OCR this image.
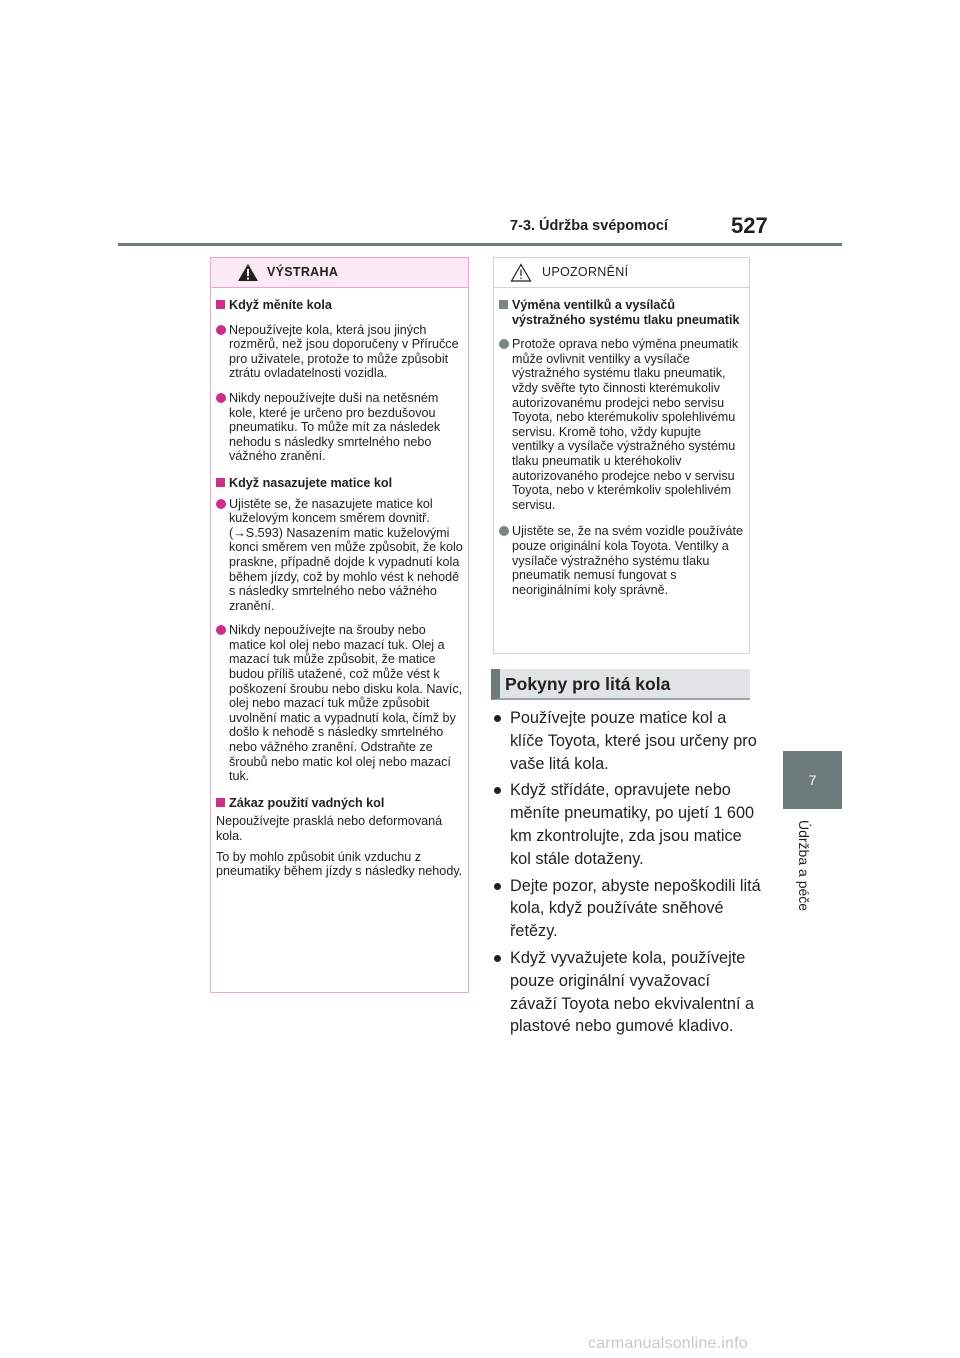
7-3. Údržba svépomocí	527
7
Údržba a péče
VÝSTRAHA
Když měníte kola
Nepoužívejte kola, která jsou jiných rozměrů, než jsou doporučeny v Příručce pro uživatele, protože to může způsobit ztrátu ovladatelnosti vozidla.
Nikdy nepoužívejte duši na netěsném kole, které je určeno pro bezdušovou pneumatiku. To může mít za následek nehodu s následky smrtelného nebo vážného zranění.
Když nasazujete matice kol
Ujistěte se, že nasazujete matice kol kuželovým koncem směrem dovnitř. (→S.593) Nasazením matic kuželovými konci směrem ven může způsobit, že kolo praskne, případně dojde k vypadnutí kola během jízdy, což by mohlo vést k nehodě s následky smrtelného nebo vážného zranění.
Nikdy nepoužívejte na šrouby nebo matice kol olej nebo mazací tuk. Olej a mazací tuk může způsobit, že matice budou příliš utažené, což může vést k poškození šroubu nebo disku kola. Navíc, olej nebo mazací tuk může způsobit uvolnění matic a vypadnutí kola, čímž by došlo k nehodě s následky smrtelného nebo vážného zranění. Odstraňte ze šroubů nebo matic kol olej nebo mazací tuk.
Zákaz použití vadných kol
Nepoužívejte prasklá nebo deformovaná kola.
To by mohlo způsobit únik vzduchu z pneumatiky během jízdy s následky nehody.
UPOZORNĚNÍ
Výměna ventilků a vysílačů výstražného systému tlaku pneumatik
Protože oprava nebo výměna pneumatik může ovlivnit ventilky a vysílače výstražného systému tlaku pneumatik, vždy svěřte tyto činnosti kterémukoliv autorizovanému prodejci nebo servisu Toyota, nebo kterémukoliv spolehlivému servisu. Kromě toho, vždy kupujte ventilky a vysílače výstražného systému tlaku pneumatik u kteréhokoliv autorizovaného prodejce nebo v servisu Toyota, nebo v kterémkoliv spolehlivém servisu.
Ujistěte se, že na svém vozidle používáte pouze originální kola Toyota. Ventilky a vysílače výstražného systému tlaku pneumatik nemusí fungovat s neoriginálními koly správně.
Pokyny pro litá kola
Používejte pouze matice kol a klíče Toyota, které jsou určeny pro vaše litá kola.
Když střídáte, opravujete nebo měníte pneumatiky, po ujetí 1 600 km zkontrolujte, zda jsou matice kol stále dotaženy.
Dejte pozor, abyste nepoškodili litá kola, když používáte sněhové řetězy.
Když vyvažujete kola, používejte pouze originální vyvažovací závaží Toyota nebo ekvivalentní a plastové nebo gumové kladivo.
carmanualsonline.info
